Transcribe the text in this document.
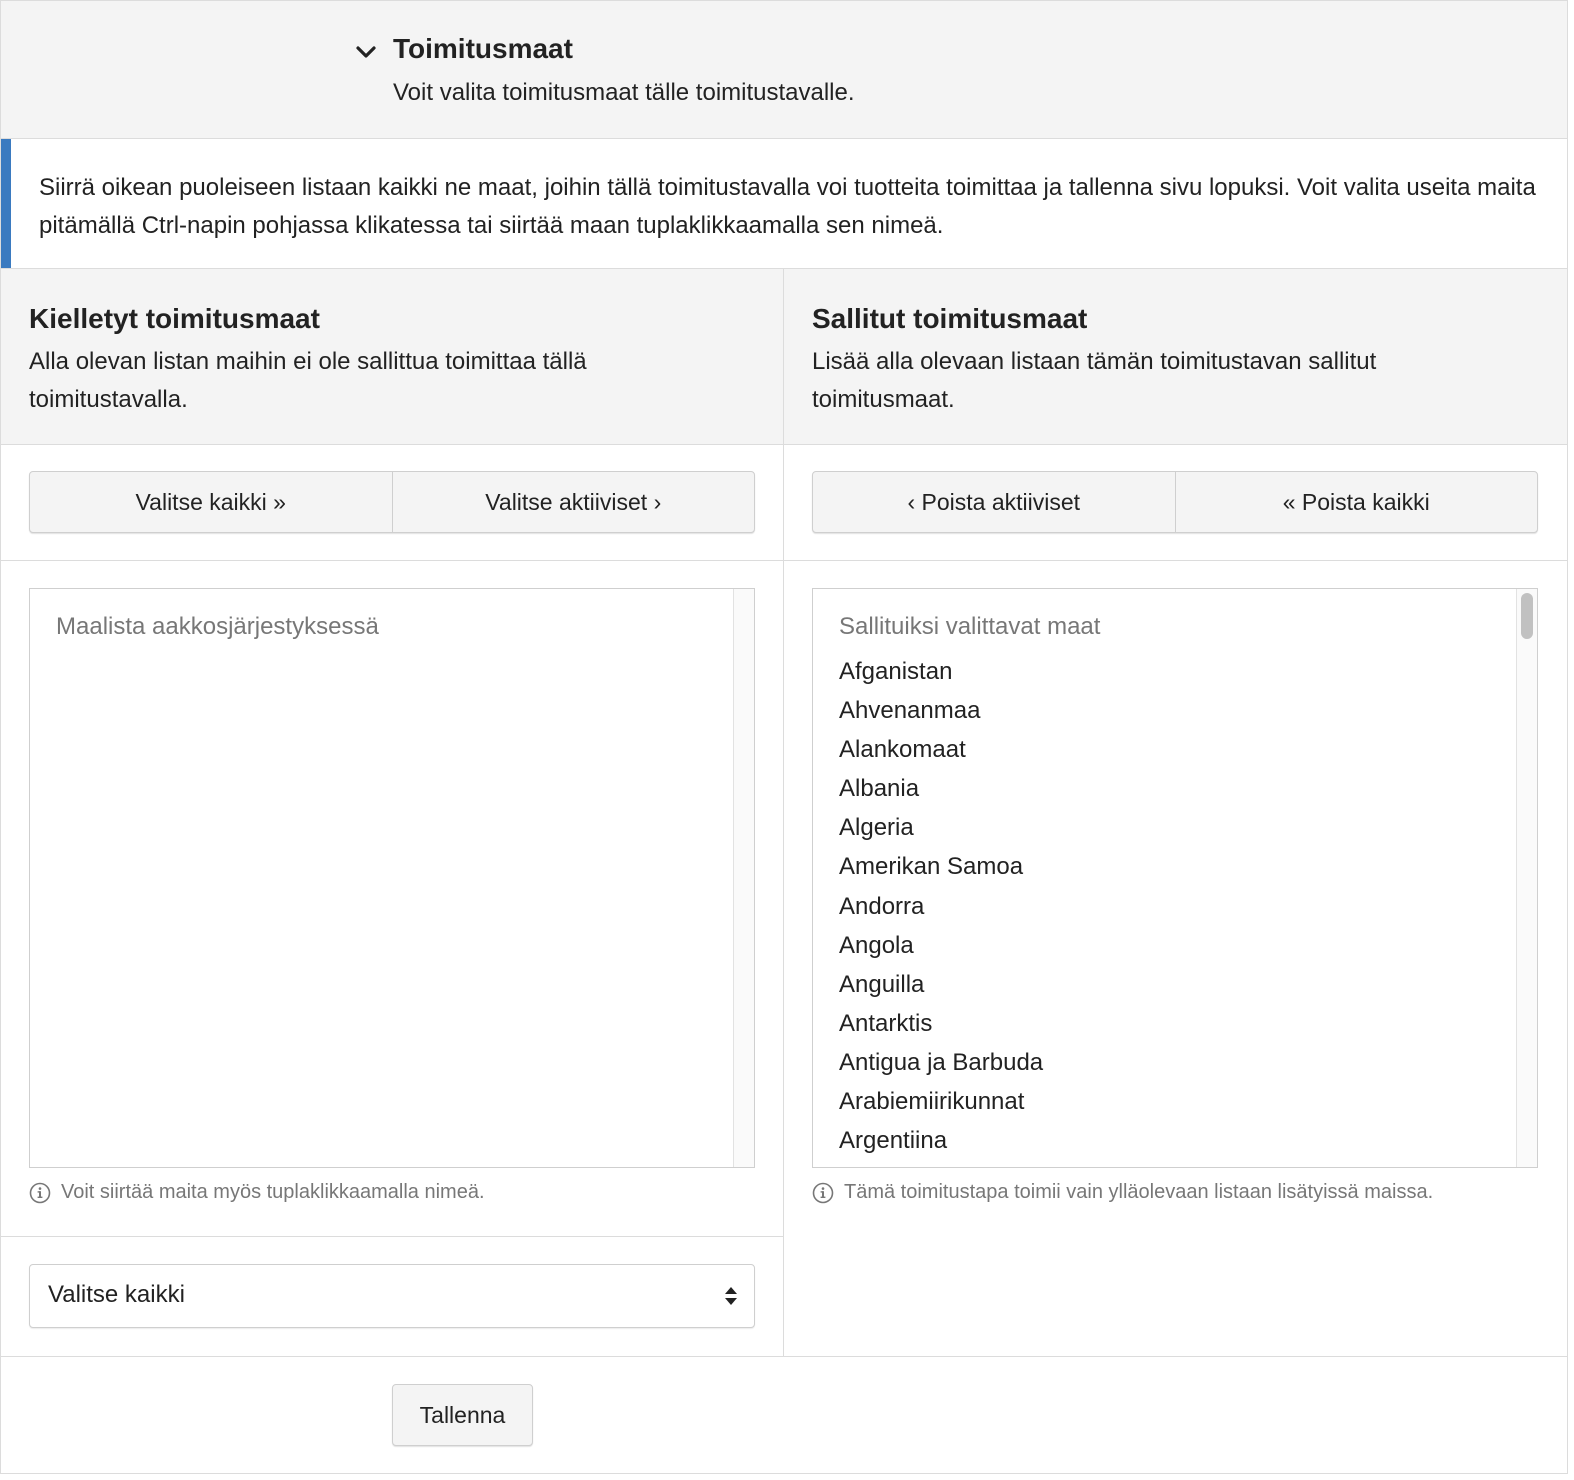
Toimitusmaat
Voit valita toimitusmaat tälle toimitustavalle.
Siirrä oikean puoleiseen listaan kaikki ne maat, joihin tällä toimitustavalla voi tuotteita toimittaa ja tallenna sivu lopuksi. Voit valita useita maita pitämällä Ctrl-napin pohjassa klikatessa tai siirtää maan tuplaklikkaamalla sen nimeä.
Kielletyt toimitusmaat
Alla olevan listan maihin ei ole sallittua toimittaa tällä toimitustavalla.
Valitse kaikki »	Valitse aktiiviset ›
Maalista aakkosjärjestyksessä
Voit siirtää maita myös tuplaklikkaamalla nimeä.
Valitse kaikki
Sallitut toimitusmaat
Lisää alla olevaan listaan tämän toimitustavan sallitut toimitusmaat.
‹ Poista aktiiviset	« Poista kaikki
Sallituiksi valittavat maat
Afganistan
Ahvenanmaa
Alankomaat
Albania
Algeria
Amerikan Samoa
Andorra
Angola
Anguilla
Antarktis
Antigua ja Barbuda
Arabiemiirikunnat
Argentiina
Tämä toimitustapa toimii vain ylläolevaan listaan lisätyissä maissa.
Tallenna
